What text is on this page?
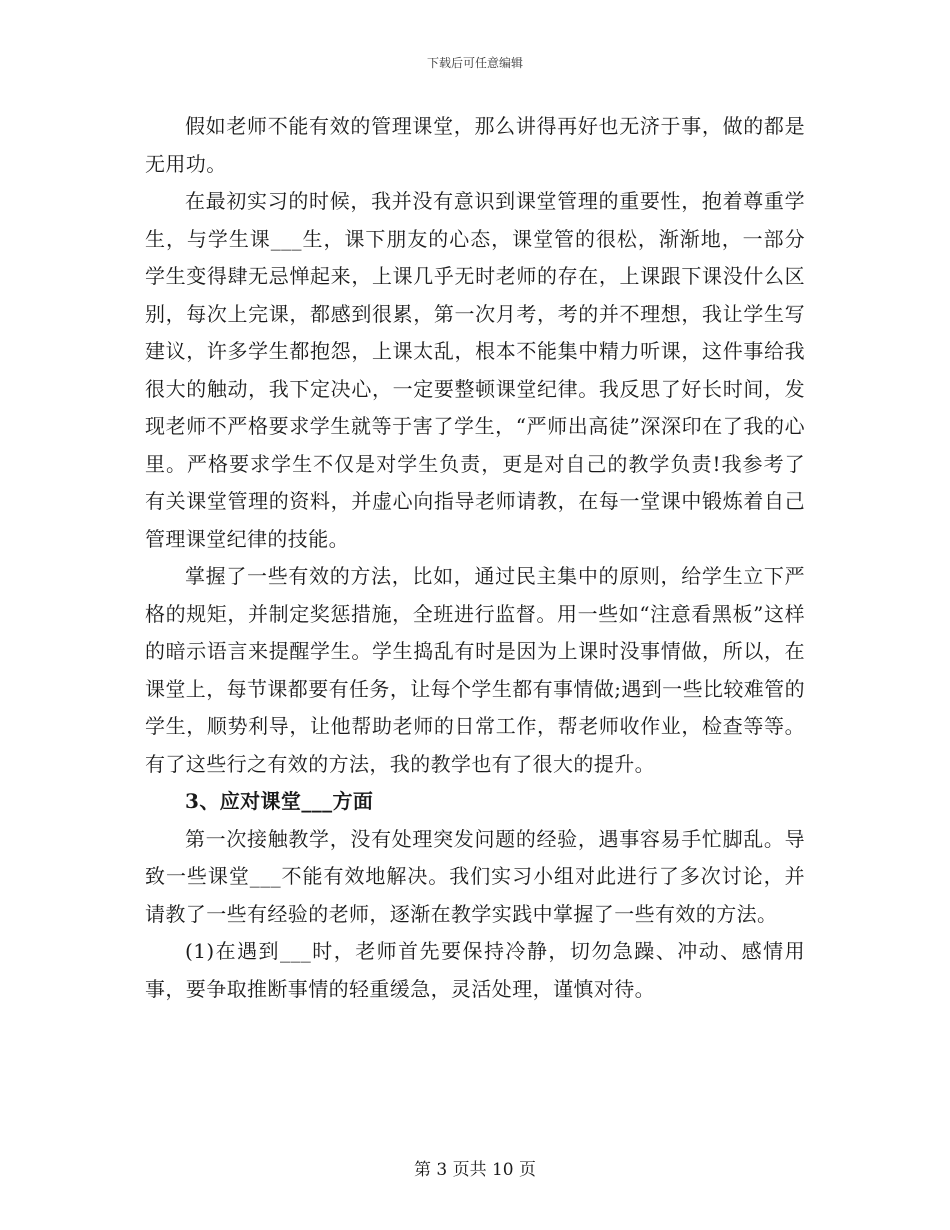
下载后可任意编辑

假如老师不能有效的管理课堂，那么讲得再好也无济于事，做的都是无用功。

在最初实习的时候，我并没有意识到课堂管理的重要性，抱着尊重学生，与学生课___生，课下朋友的心态，课堂管的很松，渐渐地，一部分学生变得肆无忌惮起来，上课几乎无时老师的存在，上课跟下课没什么区别，每次上完课，都感到很累，第一次月考，考的并不理想，我让学生写建议，许多学生都抱怨，上课太乱，根本不能集中精力听课，这件事给我很大的触动，我下定决心，一定要整顿课堂纪律。我反思了好长时间，发现老师不严格要求学生就等于害了学生，“严师出高徒”深深印在了我的心里。严格要求学生不仅是对学生负责，更是对自己的教学负责!我参考了有关课堂管理的资料，并虚心向指导老师请教，在每一堂课中锻炼着自己管理课堂纪律的技能。

掌握了一些有效的方法，比如，通过民主集中的原则，给学生立下严格的规矩，并制定奖惩措施，全班进行监督。用一些如“注意看黑板”这样的暗示语言来提醒学生。学生捣乱有时是因为上课时没事情做，所以，在课堂上，每节课都要有任务，让每个学生都有事情做;遇到一些比较难管的学生，顺势利导，让他帮助老师的日常工作，帮老师收作业，检查等等。有了这些行之有效的方法，我的教学也有了很大的提升。

3、应对课堂___方面

第一次接触教学，没有处理突发问题的经验，遇事容易手忙脚乱。导致一些课堂___不能有效地解决。我们实习小组对此进行了多次讨论，并请教了一些有经验的老师，逐渐在教学实践中掌握了一些有效的方法。

(1)在遇到___时，老师首先要保持冷静，切勿急躁、冲动、感情用事，要争取推断事情的轻重缓急，灵活处理，谨慎对待。

第 3 页共 10 页
